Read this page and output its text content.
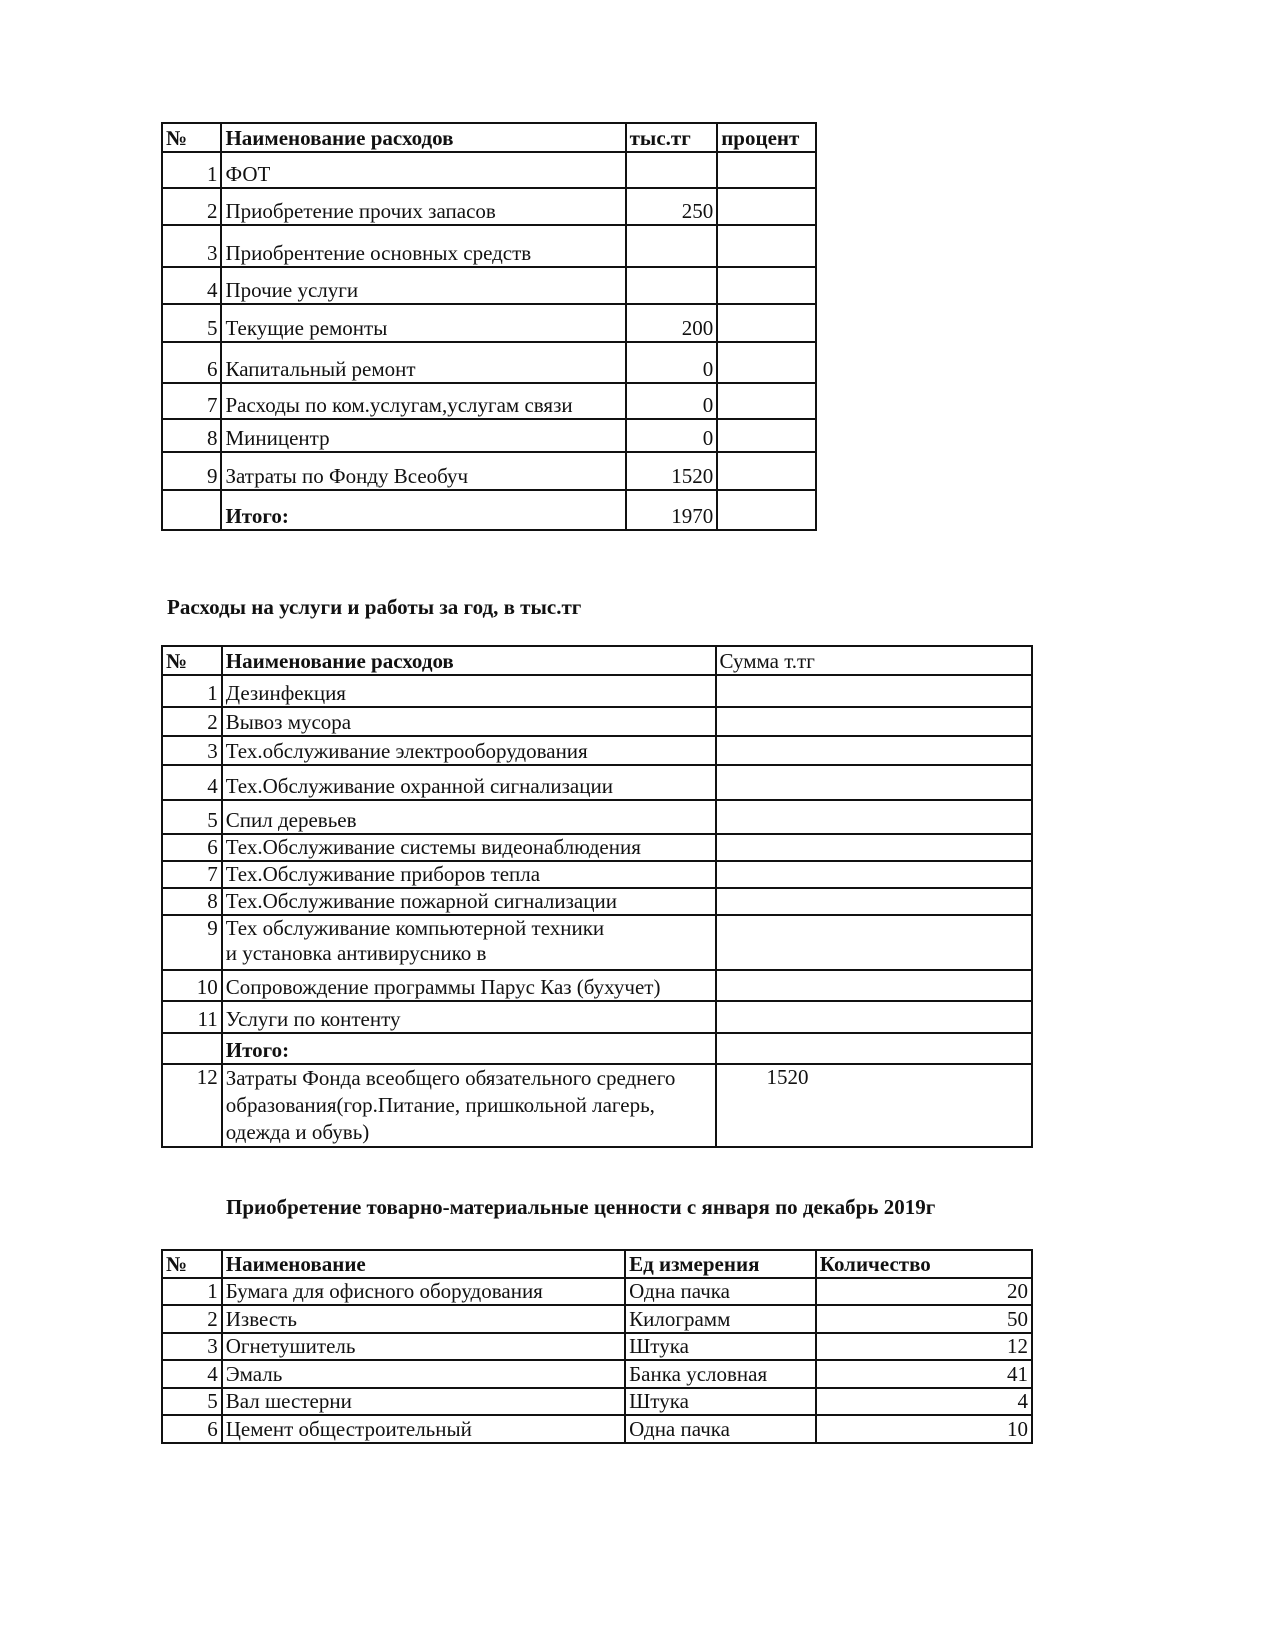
№	Наименование расходов	тыс.тг	процент
1	ФОТ		
2	Приобретение прочих запасов	250	
3	Приобрентение основных средств		
4	Прочие услуги		
5	Текущие ремонты	200	
6	Капитальный ремонт	0	
7	Расходы по ком.услугам,услугам связи	0	
8	Миницентр	0	
9	Затраты по Фонду Всеобуч	1520	
	Итого:	1970	
Расходы на услуги и работы за год, в тыс.тг
№	Наименование расходов	Сумма т.тг
1	Дезинфекция	
2	Вывоз мусора	
3	Тех.обслуживание электрооборудования	
4	Тех.Обслуживание охранной сигнализации	
5	Спил деревьев	
6	Тех.Обслуживание системы видеонаблюдения	
7	Тех.Обслуживание приборов тепла	
8	Тех.Обслуживание пожарной сигнализации	
9	Тех обслуживание компьютерной техники
и установка антивируснико в	

10	Сопровождение программы Парус Каз (бухучет)	
11	Услуги по контенту	
	Итого:	
12	Затраты Фонда всеобщего обязательного среднего
образования(гор.Питание, пришкольной лагерь,
одежда и обувь)	1520
Приобретение товарно-материальные ценности с января по декабрь 2019г
№	Наименование	Ед измерения	Количество
1	Бумага для офисного оборудования	Одна пачка	20
2	Известь	Килограмм	50
3	Огнетушитель	Штука	12
4	Эмаль	Банка условная	41
5	Вал шестерни	Штука	4
6	Цемент общестроительный	Одна пачка	10
